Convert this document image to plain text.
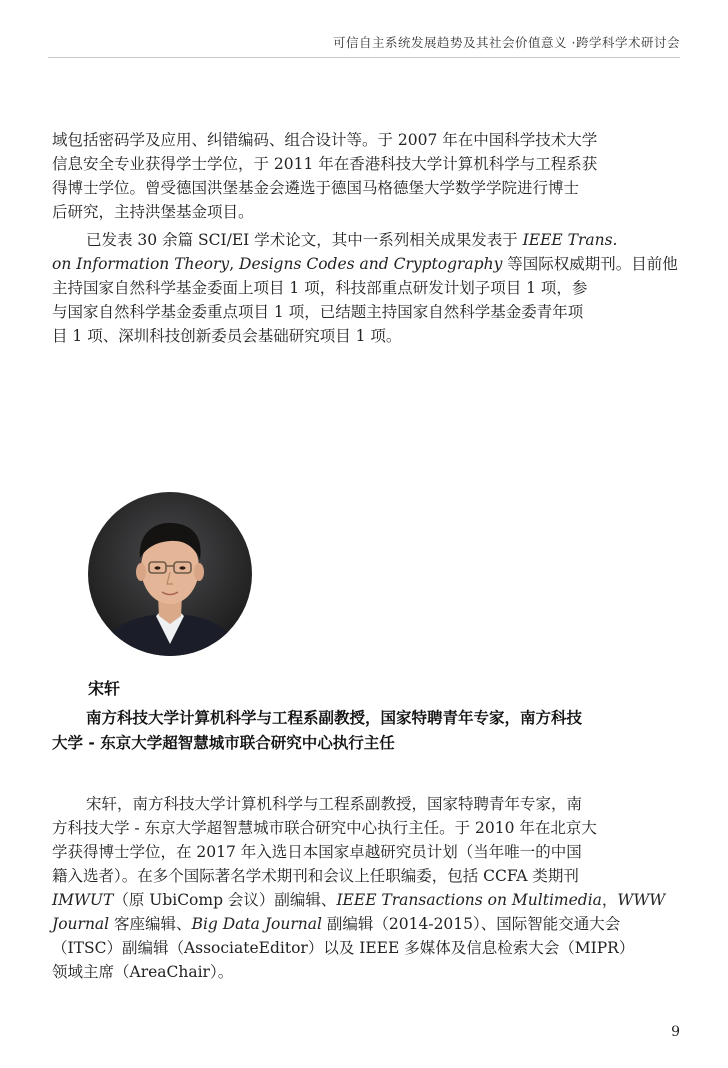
可信自主系统发展趋势及其社会价值意义 ·跨学科学术研讨会
域包括密码学及应用、纠错编码、组合设计等。于 2007 年在中国科学技术大学
信息安全专业获得学士学位，于 2011 年在香港科技大学计算机科学与工程系获
得博士学位。曾受德国洪堡基金会遴选于德国马格德堡大学数学学院进行博士
后研究，主持洪堡基金项目。
已发表 30 余篇 SCI/EI 学术论文，其中一系列相关成果发表于 IEEE Trans.
on Information Theory, Designs Codes and Cryptography 等国际权威期刊。目前他
主持国家自然科学基金委面上项目 1 项，科技部重点研发计划子项目 1 项，参
与国家自然科学基金委重点项目 1 项，已结题主持国家自然科学基金委青年项
目 1 项、深圳科技创新委员会基础研究项目 1 项。
宋轩
南方科技大学计算机科学与工程系副教授，国家特聘青年专家，南方科技
大学 - 东京大学超智慧城市联合研究中心执行主任
宋轩，南方科技大学计算机科学与工程系副教授，国家特聘青年专家，南
方科技大学 - 东京大学超智慧城市联合研究中心执行主任。于 2010 年在北京大
学获得博士学位，在 2017 年入选日本国家卓越研究员计划（当年唯一的中国
籍入选者）。在多个国际著名学术期刊和会议上任职编委，包括 CCFA 类期刊
IMWUT（原 UbiComp 会议）副编辑、IEEE Transactions on Multimedia，WWW
Journal 客座编辑、Big Data Journal 副编辑（2014-2015）、国际智能交通大会
（ITSC）副编辑（AssociateEditor）以及 IEEE 多媒体及信息检索大会（MIPR）
领域主席（AreaChair）。
9
